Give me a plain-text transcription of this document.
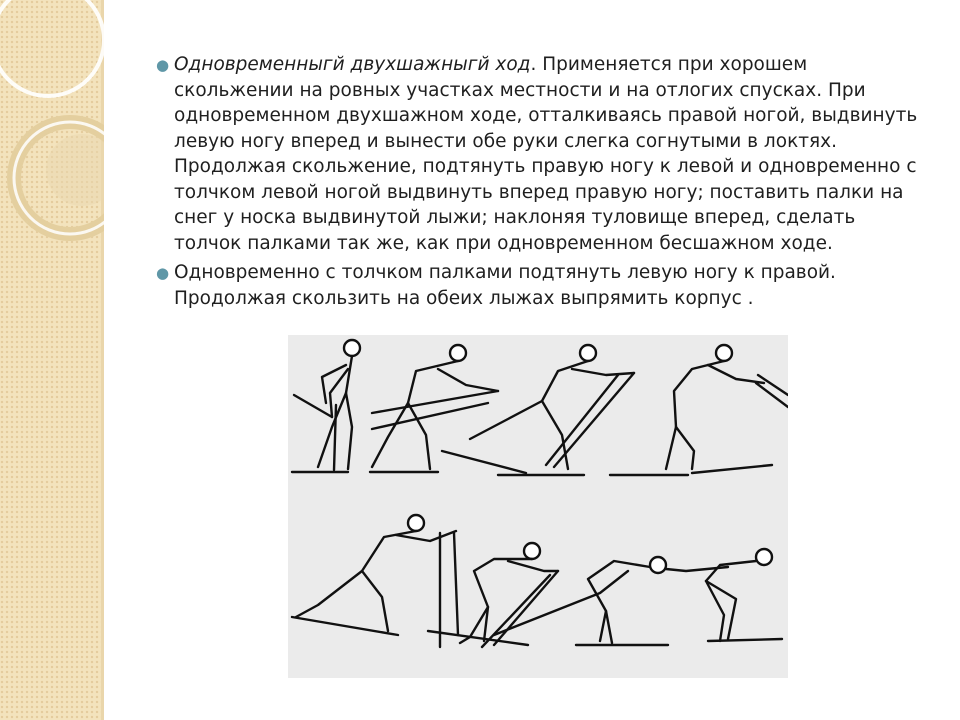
● Одновременныгй двухшажныгй ход. Применяется при хорошем скольжении на ровных участках местности и на отлогих спусках. При одновременном двухшажном ходе, отталкиваясь правой ногой, выдвинуть левую ногу вперед и вынести обе руки слегка согнутыми в локтях. Продолжая скольжение, подтянуть правую ногу к левой и одновременно с толчком левой ногой выдвинуть вперед правую ногу; поставить палки на снег у носка выдвинутой лыжи; наклоняя туловище вперед, сделать толчок палками так же, как при одновременном бесшажном ходе.
● Одновременно с толчком палками подтянуть левую ногу к правой. Продолжая скользить на обеих лыжах выпрямить корпус .
